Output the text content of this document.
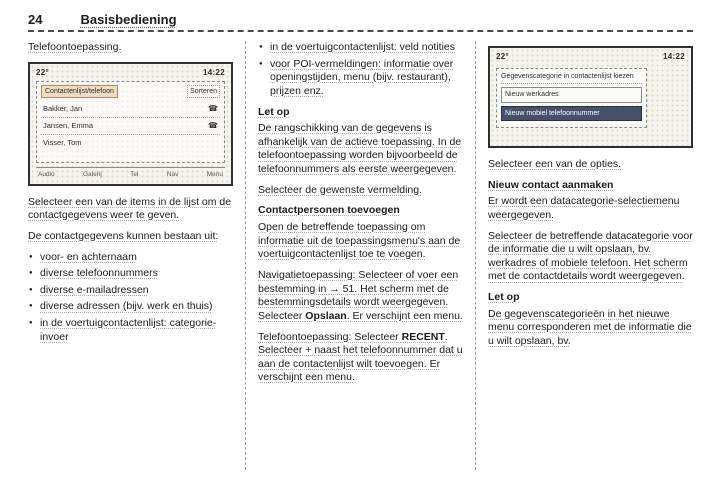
24	Basisbediening

Telefoontoepassing.

22°	14:22
Contactenlijst/telefoon	Sorteren
Bakker, Jan	☎
Jansen, Emma	☎
Visser, Tom
Audio	Galerij	Tel	Nav	Menu

Selecteer een van de items in de lijst om de contactgegevens weer te geven.

De contactgegevens kunnen bestaan uit:

● voor- en achternaam
● diverse telefoonnummers
● diverse e-mailadressen
● diverse adressen (bijv. werk en thuis)
● in de voertuigcontactenlijst: categorie-invoer
● in de voertuigcontactenlijst: veld notities
● voor POI-vermeldingen: informatie over openingstijden, menu (bijv. restaurant), prijzen enz.
Let op

De rangschikking van de gegevens is afhankelijk van de actieve toepassing. In de telefoontoepassing worden bijvoorbeeld de telefoonnummers als eerste weergegeven.

Selecteer de gewenste vermelding.

Contactpersonen toevoegen

Open de betreffende toepassing om informatie uit de toepassingsmenu's aan de voertuigcontactenlijst toe te voegen.

Navigatietoepassing: Selecteer of voer een bestemming in → 51. Het scherm met de bestemmingsdetails wordt weergegeven. Selecteer Opslaan. Er verschijnt een menu.

Telefoontoepassing: Selecteer RECENT. Selecteer + naast het telefoonnummer dat u aan de contactenlijst wilt toevoegen. Er verschijnt een menu.

22°	14:22
Gegevenscategorie in contactenlijst kiezen
Nieuw werkadres
Nieuw mobiel telefoonnummer

Selecteer een van de opties.

Nieuw contact aanmaken

Er wordt een datacategorie-selectiemenu weergegeven.

Selecteer de betreffende datacategorie voor de informatie die u wilt opslaan, bv. werkadres of mobiele telefoon. Het scherm met de contactdetails wordt weergegeven.

Let op

De gegevenscategorieën in het nieuwe menu corresponderen met de informatie die u wilt opslaan, bv.
